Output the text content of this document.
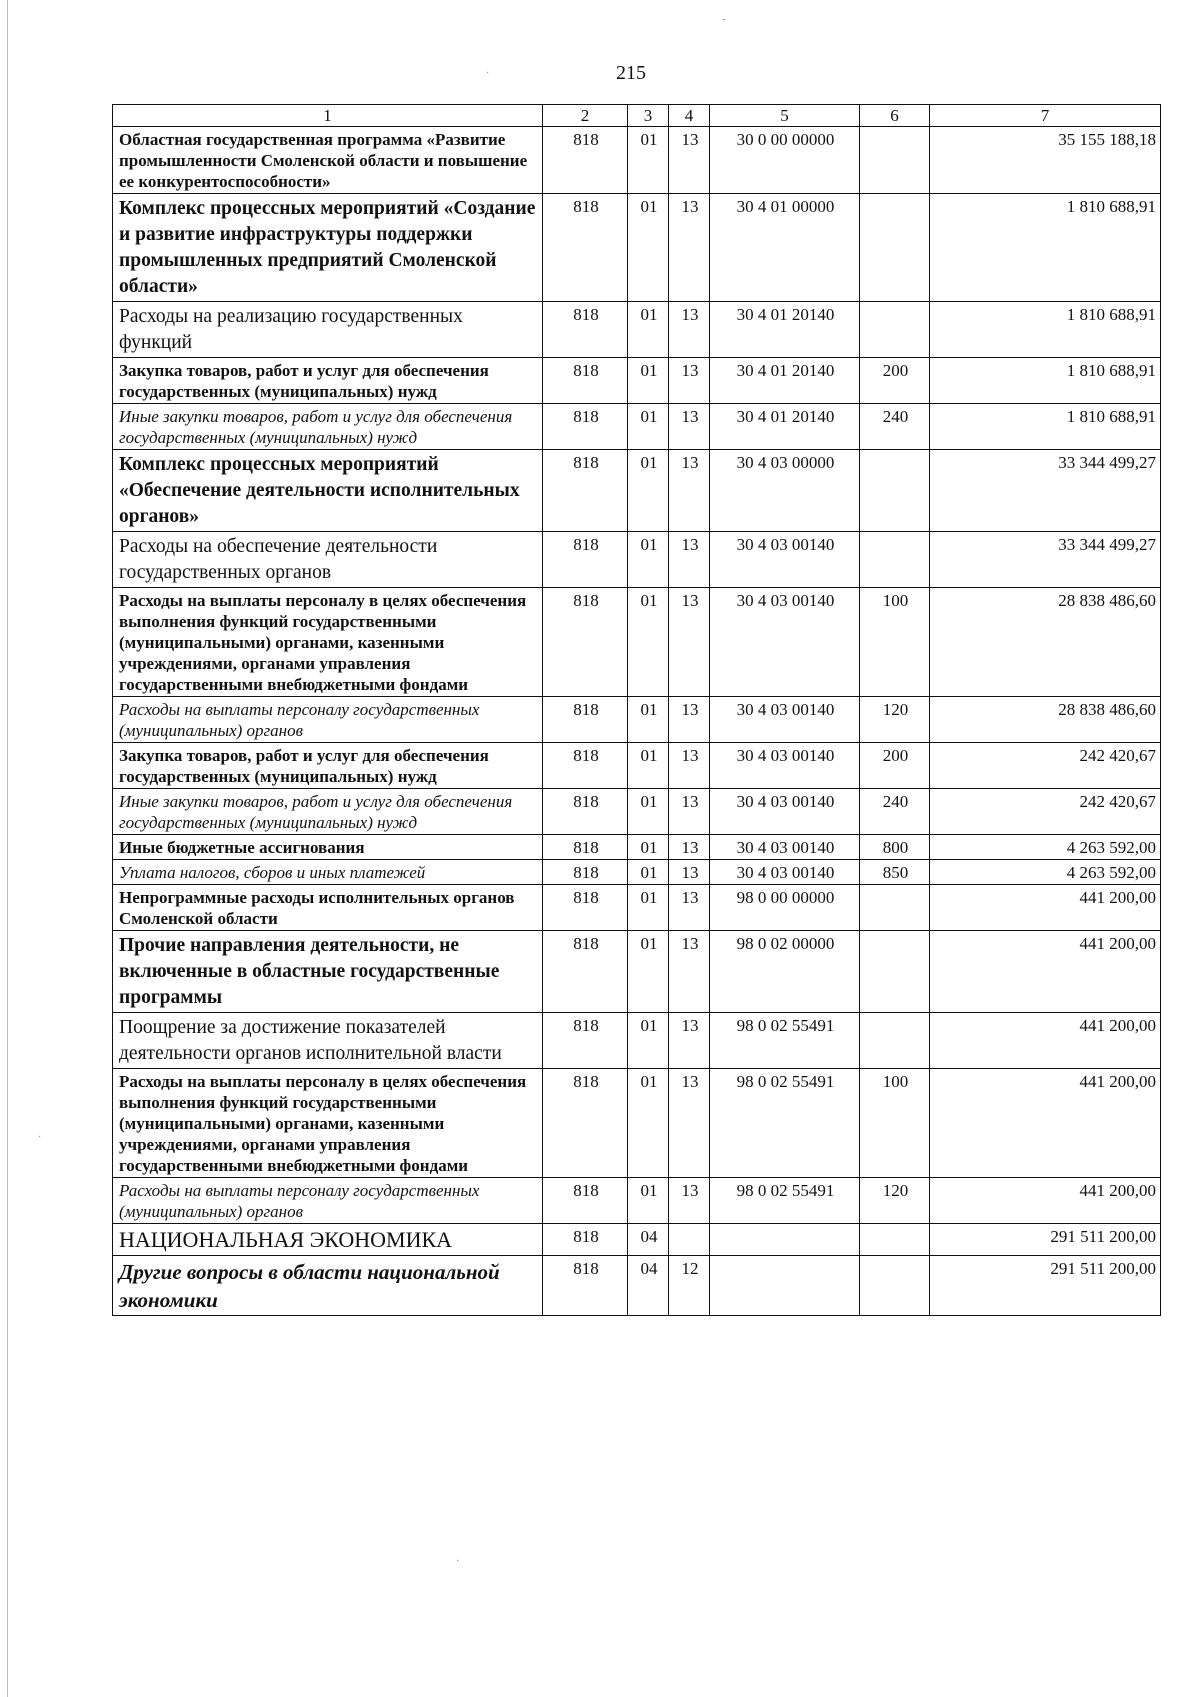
-
·
·
·
215
1	2	3	4	5	6	7
Областная государственная программа «Развитие промышленности Смоленской области и повышение ее конкурентоспособности»	818	01	13	30 0 00 00000		35 155 188,18
Комплекс процессных мероприятий «Создание и развитие инфраструктуры поддержки промышленных предприятий Смоленской области»	818	01	13	30 4 01 00000		1 810 688,91
Расходы на реализацию государственных функций	818	01	13	30 4 01 20140		1 810 688,91
Закупка товаров, работ и услуг для обеспечения государственных (муниципальных) нужд	818	01	13	30 4 01 20140	200	1 810 688,91
Иные закупки товаров, работ и услуг для обеспечения государственных (муниципальных) нужд	818	01	13	30 4 01 20140	240	1 810 688,91
Комплекс процессных мероприятий «Обеспечение деятельности исполнительных органов»	818	01	13	30 4 03 00000		33 344 499,27
Расходы на обеспечение деятельности государственных органов	818	01	13	30 4 03 00140		33 344 499,27
Расходы на выплаты персоналу в целях обеспечения выполнения функций государственными (муниципальными) органами, казенными учреждениями, органами управления государственными внебюджетными фондами	818	01	13	30 4 03 00140	100	28 838 486,60
Расходы на выплаты персоналу государственных (муниципальных) органов	818	01	13	30 4 03 00140	120	28 838 486,60
Закупка товаров, работ и услуг для обеспечения государственных (муниципальных) нужд	818	01	13	30 4 03 00140	200	242 420,67
Иные закупки товаров, работ и услуг для обеспечения государственных (муниципальных) нужд	818	01	13	30 4 03 00140	240	242 420,67
Иные бюджетные ассигнования	818	01	13	30 4 03 00140	800	4 263 592,00
Уплата налогов, сборов и иных платежей	818	01	13	30 4 03 00140	850	4 263 592,00
Непрограммные расходы исполнительных органов Смоленской области	818	01	13	98 0 00 00000		441 200,00
Прочие направления деятельности, не включенные в областные государственные программы	818	01	13	98 0 02 00000		441 200,00
Поощрение за достижение показателей деятельности органов исполнительной власти	818	01	13	98 0 02 55491		441 200,00
Расходы на выплаты персоналу в целях обеспечения выполнения функций государственными (муниципальными) органами, казенными учреждениями, органами управления государственными внебюджетными фондами	818	01	13	98 0 02 55491	100	441 200,00
Расходы на выплаты персоналу государственных (муниципальных) органов	818	01	13	98 0 02 55491	120	441 200,00
НАЦИОНАЛЬНАЯ ЭКОНОМИКА	818	04				291 511 200,00
Другие вопросы в области национальной экономики	818	04	12			291 511 200,00
